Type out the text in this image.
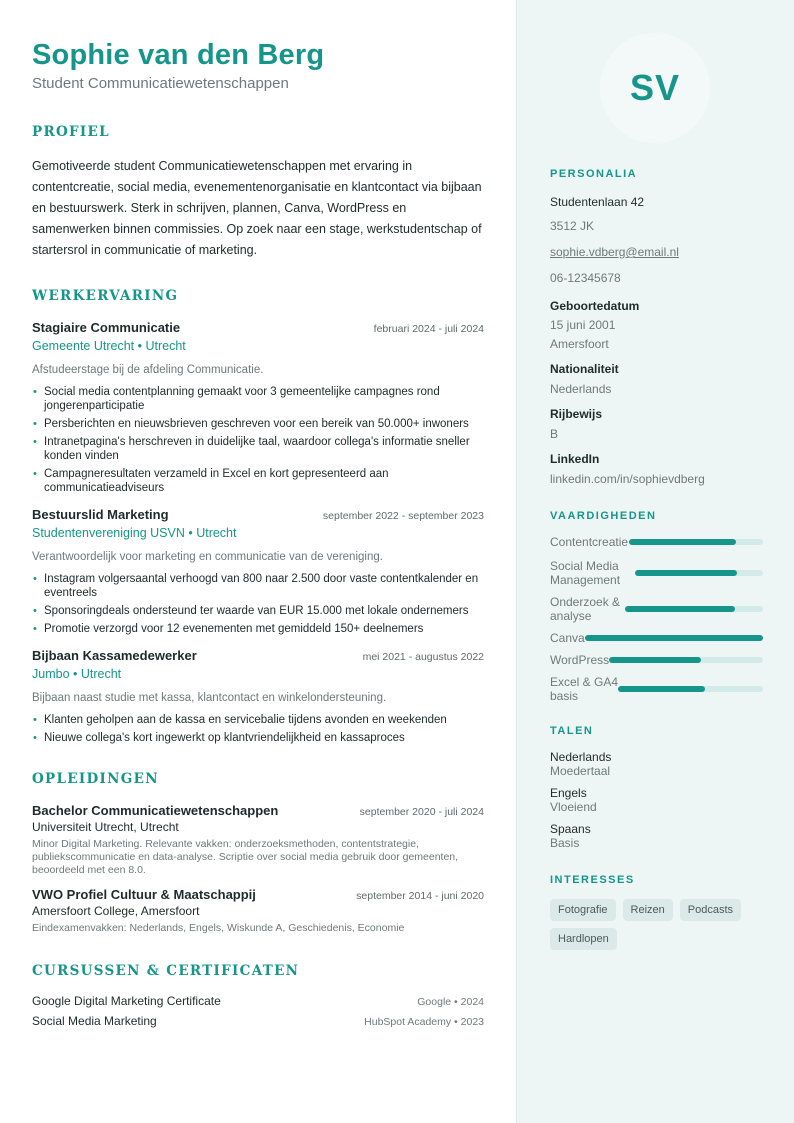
Sophie van den Berg
Student Communicatiewetenschappen
PROFIEL
Gemotiveerde student Communicatiewetenschappen met ervaring in contentcreatie, social media, evenementenorganisatie en klantcontact via bijbaan en bestuurswerk. Sterk in schrijven, plannen, Canva, WordPress en samenwerken binnen commissies. Op zoek naar een stage, werkstudentschap of startersrol in communicatie of marketing.
WERKERVARING
Stagiaire Communicatie	februari 2024 - juli 2024
Gemeente Utrecht • Utrecht
Afstudeerstage bij de afdeling Communicatie.
• Social media contentplanning gemaakt voor 3 gemeentelijke campagnes rond jongerenparticipatie
• Persberichten en nieuwsbrieven geschreven voor een bereik van 50.000+ inwoners
• Intranetpagina's herschreven in duidelijke taal, waardoor collega's informatie sneller konden vinden
• Campagneresultaten verzameld in Excel en kort gepresenteerd aan communicatieadviseurs
Bestuurslid Marketing	september 2022 - september 2023
Studentenvereniging USVN • Utrecht
Verantwoordelijk voor marketing en communicatie van de vereniging.
• Instagram volgersaantal verhoogd van 800 naar 2.500 door vaste contentkalender en eventreels
• Sponsoringdeals ondersteund ter waarde van EUR 15.000 met lokale ondernemers
• Promotie verzorgd voor 12 evenementen met gemiddeld 150+ deelnemers
Bijbaan Kassamedewerker	mei 2021 - augustus 2022
Jumbo • Utrecht
Bijbaan naast studie met kassa, klantcontact en winkelondersteuning.
• Klanten geholpen aan de kassa en servicebalie tijdens avonden en weekenden
• Nieuwe collega's kort ingewerkt op klantvriendelijkheid en kassaproces
OPLEIDINGEN
Bachelor Communicatiewetenschappen	september 2020 - juli 2024
Universiteit Utrecht, Utrecht
Minor Digital Marketing. Relevante vakken: onderzoeksmethoden, contentstrategie, publiekscommunicatie en data-analyse. Scriptie over social media gebruik door gemeenten, beoordeeld met een 8.0.
VWO Profiel Cultuur & Maatschappij	september 2014 - juni 2020
Amersfoort College, Amersfoort
Eindexamenvakken: Nederlands, Engels, Wiskunde A, Geschiedenis, Economie
CURSUSSEN & CERTIFICATEN
Google Digital Marketing Certificate	Google • 2024
Social Media Marketing	HubSpot Academy • 2023
SV
PERSONALIA
Studentenlaan 42
3512 JK
sophie.vdberg@email.nl
06-12345678
Geboortedatum
15 juni 2001
Amersfoort
Nationaliteit
Nederlands
Rijbewijs
B
LinkedIn
linkedin.com/in/sophievdberg
VAARDIGHEDEN
Contentcreatie
Social Media Management
Onderzoek & analyse
Canva
WordPress
Excel & GA4 basis
TALEN
Nederlands
Moedertaal
Engels
Vloeiend
Spaans
Basis
INTERESSES
Fotografie	Reizen	Podcasts
Hardlopen
